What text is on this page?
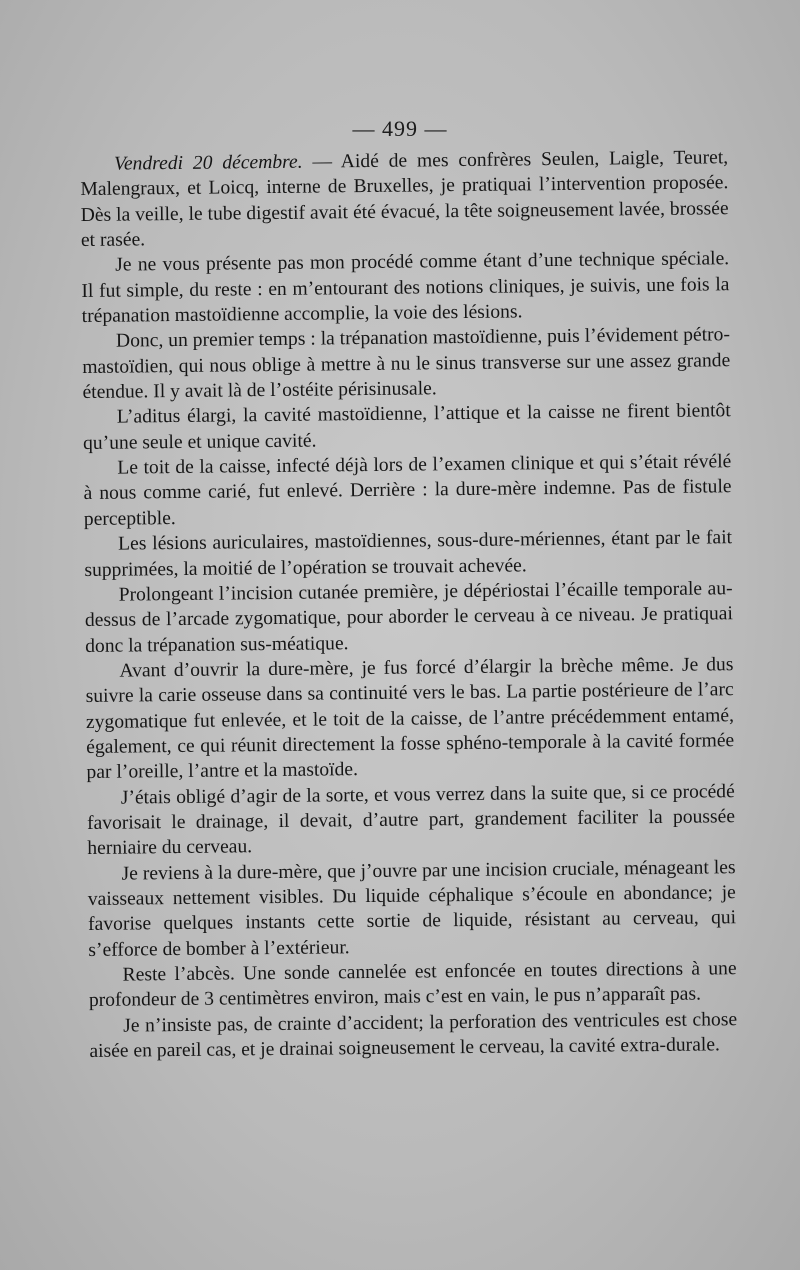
— 499 —

Vendredi 20 décembre. — Aidé de mes confrères Seulen, Laigle, Teuret, Malengraux, et Loicq, interne de Bruxelles, je pratiquai l’intervention proposée. Dès la veille, le tube digestif avait été évacué, la tête soigneusement lavée, brossée et rasée.

Je ne vous présente pas mon procédé comme étant d’une technique spéciale. Il fut simple, du reste : en m’entourant des notions cliniques, je suivis, une fois la trépanation mastoïdienne accomplie, la voie des lésions.

Donc, un premier temps : la trépanation mastoïdienne, puis l’évidement pétro-mastoïdien, qui nous oblige à mettre à nu le sinus transverse sur une assez grande étendue. Il y avait là de l’ostéite périsinusale.

L’aditus élargi, la cavité mastoïdienne, l’attique et la caisse ne firent bientôt qu’une seule et unique cavité.

Le toit de la caisse, infecté déjà lors de l’examen clinique et qui s’était révélé à nous comme carié, fut enlevé. Derrière : la dure-mère indemne. Pas de fistule perceptible.

Les lésions auriculaires, mastoïdiennes, sous-dure-mériennes, étant par le fait supprimées, la moitié de l’opération se trouvait achevée.

Prolongeant l’incision cutanée première, je dépériostai l’écaille temporale au-dessus de l’arcade zygomatique, pour aborder le cerveau à ce niveau. Je pratiquai donc la trépanation sus-méatique.

Avant d’ouvrir la dure-mère, je fus forcé d’élargir la brèche même. Je dus suivre la carie osseuse dans sa continuité vers le bas. La partie postérieure de l’arc zygomatique fut enlevée, et le toit de la caisse, de l’antre précédemment entamé, également, ce qui réunit directement la fosse sphéno-temporale à la cavité formée par l’oreille, l’antre et la mastoïde.

J’étais obligé d’agir de la sorte, et vous verrez dans la suite que, si ce procédé favorisait le drainage, il devait, d’autre part, grandement faciliter la poussée herniaire du cerveau.

Je reviens à la dure-mère, que j’ouvre par une incision cruciale, ménageant les vaisseaux nettement visibles. Du liquide céphalique s’écoule en abondance; je favorise quelques instants cette sortie de liquide, résistant au cerveau, qui s’efforce de bomber à l’extérieur.

Reste l’abcès. Une sonde cannelée est enfoncée en toutes directions à une profondeur de 3 centimètres environ, mais c’est en vain, le pus n’apparaît pas.

Je n’insiste pas, de crainte d’accident; la perforation des ventricules est chose aisée en pareil cas, et je drainai soigneusement le cerveau, la cavité extra-durale.
